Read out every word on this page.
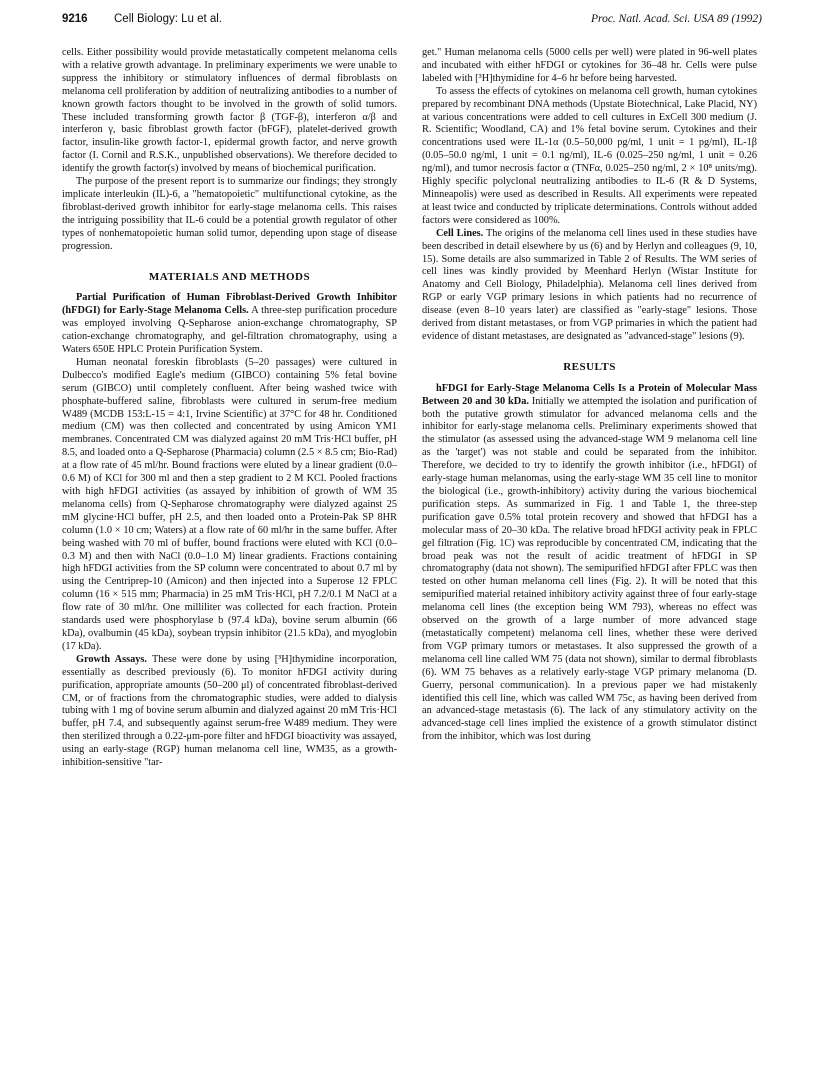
9216 Cell Biology: Lu et al.	Proc. Natl. Acad. Sci. USA 89 (1992)

cells. Either possibility would provide metastatically competent melanoma cells with a relative growth advantage. In preliminary experiments we were unable to suppress the inhibitory or stimulatory influences of dermal fibroblasts on melanoma cell proliferation by addition of neutralizing antibodies to a number of known growth factors thought to be involved in the growth of solid tumors. These included transforming growth factor β (TGF-β), interferon α/β and interferon γ, basic fibroblast growth factor (bFGF), platelet-derived growth factor, insulin-like growth factor-1, epidermal growth factor, and nerve growth factor (I. Cornil and R.S.K., unpublished observations). We therefore decided to identify the growth factor(s) involved by means of biochemical purification.

The purpose of the present report is to summarize our findings; they strongly implicate interleukin (IL)-6, a "hematopoietic" multifunctional cytokine, as the fibroblast-derived growth inhibitor for early-stage melanoma cells. This raises the intriguing possibility that IL-6 could be a potential growth regulator of other types of nonhematopoietic human solid tumor, depending upon stage of disease progression.

MATERIALS AND METHODS

Partial Purification of Human Fibroblast-Derived Growth Inhibitor (hFDGI) for Early-Stage Melanoma Cells. A three-step purification procedure was employed involving Q-Sepharose anion-exchange chromatography, SP cation-exchange chromatography, and gel-filtration chromatography, using a Waters 650E HPLC Protein Purification System.

Human neonatal foreskin fibroblasts (5–20 passages) were cultured in Dulbecco's modified Eagle's medium (GIBCO) containing 5% fetal bovine serum (GIBCO) until completely confluent. After being washed twice with phosphate-buffered saline, fibroblasts were cultured in serum-free medium W489 (MCDB 153:L-15 = 4:1, Irvine Scientific) at 37°C for 48 hr. Conditioned medium (CM) was then collected and concentrated by using Amicon YM1 membranes. Concentrated CM was dialyzed against 20 mM Tris·HCl buffer, pH 8.5, and loaded onto a Q-Sepharose (Pharmacia) column (2.5 × 8.5 cm; Bio-Rad) at a flow rate of 45 ml/hr. Bound fractions were eluted by a linear gradient (0.0–0.6 M) of KCl for 300 ml and then a step gradient to 2 M KCl. Pooled fractions with high hFDGI activities (as assayed by inhibition of growth of WM 35 melanoma cells) from Q-Sepharose chromatography were dialyzed against 25 mM glycine·HCl buffer, pH 2.5, and then loaded onto a Protein-Pak SP 8HR column (1.0 × 10 cm; Waters) at a flow rate of 60 ml/hr in the same buffer. After being washed with 70 ml of buffer, bound fractions were eluted with KCl (0.0–0.3 M) and then with NaCl (0.0–1.0 M) linear gradients. Fractions containing high hFDGI activities from the SP column were concentrated to about 0.7 ml by using the Centriprep-10 (Amicon) and then injected into a Superose 12 FPLC column (16 × 515 mm; Pharmacia) in 25 mM Tris·HCl, pH 7.2/0.1 M NaCl at a flow rate of 30 ml/hr. One milliliter was collected for each fraction. Protein standards used were phosphorylase b (97.4 kDa), bovine serum albumin (66 kDa), ovalbumin (45 kDa), soybean trypsin inhibitor (21.5 kDa), and myoglobin (17 kDa).

Growth Assays. These were done by using [³H]thymidine incorporation, essentially as described previously (6). To monitor hFDGI activity during purification, appropriate amounts (50–200 μl) of concentrated fibroblast-derived CM, or of fractions from the chromatographic studies, were added to dialysis tubing with 1 mg of bovine serum albumin and dialyzed against 20 mM Tris·HCl buffer, pH 7.4, and subsequently against serum-free W489 medium. They were then sterilized through a 0.22-μm-pore filter and hFDGI bioactivity was assayed, using an early-stage (RGP) human melanoma cell line, WM35, as a growth-inhibition-sensitive "tar-

get." Human melanoma cells (5000 cells per well) were plated in 96-well plates and incubated with either hFDGI or cytokines for 36–48 hr. Cells were pulse labeled with [³H]thymidine for 4–6 hr before being harvested.

To assess the effects of cytokines on melanoma cell growth, human cytokines prepared by recombinant DNA methods (Upstate Biotechnical, Lake Placid, NY) at various concentrations were added to cell cultures in ExCell 300 medium (J. R. Scientific; Woodland, CA) and 1% fetal bovine serum. Cytokines and their concentrations used were IL-1α (0.5–50,000 pg/ml, 1 unit = 1 pg/ml), IL-1β (0.05–50.0 ng/ml, 1 unit = 0.1 ng/ml), IL-6 (0.025–250 ng/ml, 1 unit = 0.26 ng/ml), and tumor necrosis factor α (TNFα, 0.025–250 ng/ml, 2 × 10⁸ units/mg). Highly specific polyclonal neutralizing antibodies to IL-6 (R & D Systems, Minneapolis) were used as described in Results. All experiments were repeated at least twice and conducted by triplicate determinations. Controls without added factors were considered as 100%.

Cell Lines. The origins of the melanoma cell lines used in these studies have been described in detail elsewhere by us (6) and by Herlyn and colleagues (9, 10, 15). Some details are also summarized in Table 2 of Results. The WM series of cell lines was kindly provided by Meenhard Herlyn (Wistar Institute for Anatomy and Cell Biology, Philadelphia). Melanoma cell lines derived from RGP or early VGP primary lesions in which patients had no recurrence of disease (even 8–10 years later) are classified as "early-stage" lesions. Those derived from distant metastases, or from VGP primaries in which the patient had evidence of distant metastases, are designated as "advanced-stage" lesions (9).

RESULTS

hFDGI for Early-Stage Melanoma Cells Is a Protein of Molecular Mass Between 20 and 30 kDa. Initially we attempted the isolation and purification of both the putative growth stimulator for advanced melanoma cells and the inhibitor for early-stage melanoma cells. Preliminary experiments showed that the stimulator (as assessed using the advanced-stage WM 9 melanoma cell line as the 'target') was not stable and could be separated from the inhibitor. Therefore, we decided to try to identify the growth inhibitor (i.e., hFDGI) of early-stage human melanomas, using the early-stage WM 35 cell line to monitor the biological (i.e., growth-inhibitory) activity during the various biochemical purification steps. As summarized in Fig. 1 and Table 1, the three-step purification gave 0.5% total protein recovery and showed that hFDGI has a molecular mass of 20–30 kDa. The relative broad hFDGI activity peak in FPLC gel filtration (Fig. 1C) was reproducible by concentrated CM, indicating that the broad peak was not the result of acidic treatment of hFDGI in SP chromatography (data not shown). The semipurified hFDGI after FPLC was then tested on other human melanoma cell lines (Fig. 2). It will be noted that this semipurified material retained inhibitory activity against three of four early-stage melanoma cell lines (the exception being WM 793), whereas no effect was observed on the growth of a large number of more advanced stage (metastatically competent) melanoma cell lines, whether these were derived from VGP primary tumors or metastases. It also suppressed the growth of a melanoma cell line called WM 75 (data not shown), similar to dermal fibroblasts (6). WM 75 behaves as a relatively early-stage VGP primary melanoma (D. Guerry, personal communication). In a previous paper we had mistakenly identified this cell line, which was called WM 75c, as having been derived from an advanced-stage metastasis (6). The lack of any stimulatory activity on the advanced-stage cell lines implied the existence of a growth stimulator distinct from the inhibitor, which was lost during
